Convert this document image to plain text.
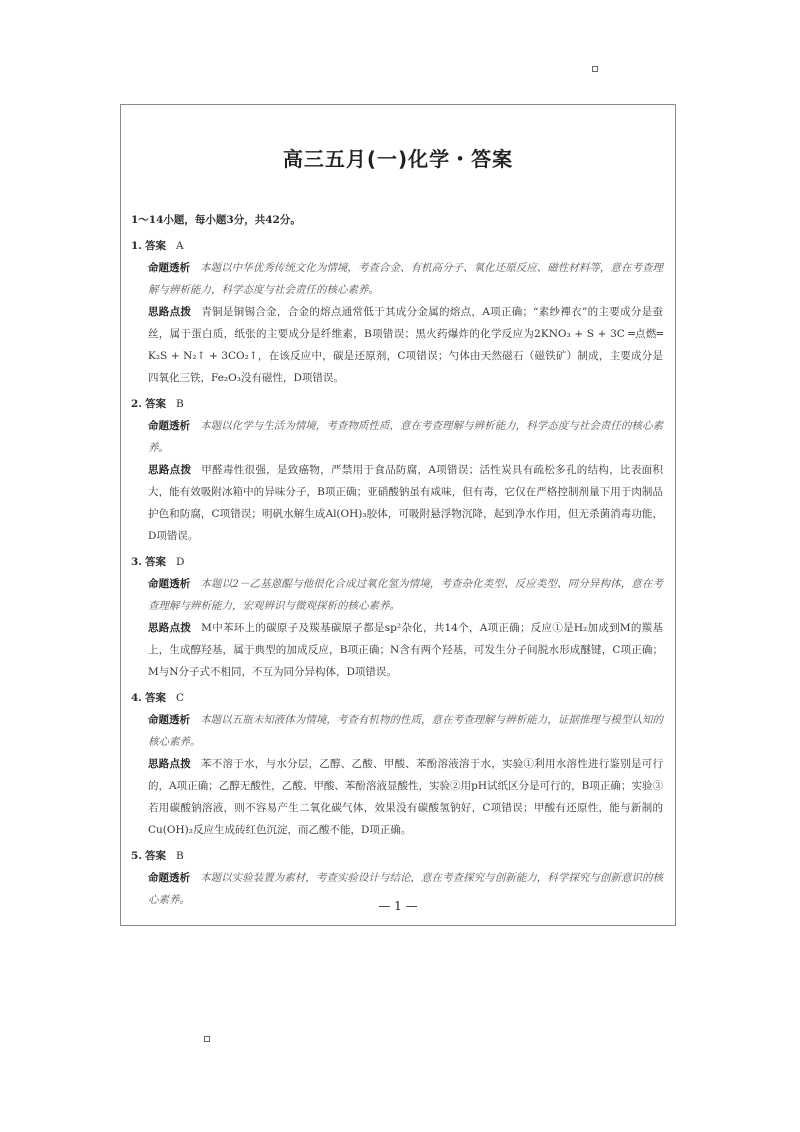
高三五月(一)化学・答案
1～14小题，每小题3分，共42分。
1. 答案 A
命题透析 本题以中华优秀传统文化为情境，考查合金、有机高分子、氧化还原反应、磁性材料等，意在考查理解与辨析能力，科学态度与社会责任的核心素养。
思路点拨 青铜是铜锡合金，合金的熔点通常低于其成分金属的熔点，A项正确；“素纱襌衣”的主要成分是蚕丝，属于蛋白质，纸张的主要成分是纤维素，B项错误；黑火药爆炸的化学反应为2KNO₃ + S + 3C ═点燃═ K₂S + N₂↑ + 3CO₂↑，在该反应中，碳是还原剂，C项错误；勺体由天然磁石（磁铁矿）制成，主要成分是四氧化三铁，Fe₂O₃没有磁性，D项错误。
2. 答案 B
命题透析 本题以化学与生活为情境，考查物质性质，意在考查理解与辨析能力，科学态度与社会责任的核心素养。
思路点拨 甲醛毒性很强，是致癌物，严禁用于食品防腐，A项错误；活性炭具有疏松多孔的结构，比表面积大，能有效吸附冰箱中的异味分子，B项正确；亚硝酸钠虽有咸味，但有毒，它仅在严格控制剂量下用于肉制品护色和防腐，C项错误；明矾水解生成Al(OH)₃胶体，可吸附悬浮物沉降，起到净水作用，但无杀菌消毒功能，D项错误。
3. 答案 D
命题透析 本题以2－乙基蒽醌与他很化合成过氧化氢为情境，考查杂化类型、反应类型、同分异构体，意在考查理解与辨析能力，宏观辨识与微观探析的核心素养。
思路点拨 M中苯环上的碳原子及羰基碳原子都是sp²杂化，共14个，A项正确；反应①是H₂加成到M的羰基上，生成醇羟基，属于典型的加成反应，B项正确；N含有两个羟基，可发生分子间脱水形成醚键，C项正确；M与N分子式不相同，不互为同分异构体，D项错误。
4. 答案 C
命题透析 本题以五瓶未知液体为情境，考查有机物的性质，意在考查理解与辨析能力，证据推理与模型认知的核心素养。
思路点拨 苯不溶于水，与水分层，乙醇、乙酸、甲酸、苯酚溶液溶于水，实验①利用水溶性进行鉴别是可行的，A项正确；乙醇无酸性，乙酸、甲酸、苯酚溶液显酸性，实验②用pH试纸区分是可行的，B项正确；实验③若用碳酸钠溶液，则不容易产生二氧化碳气体，效果没有碳酸氢钠好，C项错误；甲酸有还原性，能与新制的Cu(OH)₂反应生成砖红色沉淀，而乙酸不能，D项正确。
5. 答案 B
命题透析 本题以实验装置为素材，考查实验设计与结论，意在考查探究与创新能力，科学探究与创新意识的核心素养。	— 1 —
